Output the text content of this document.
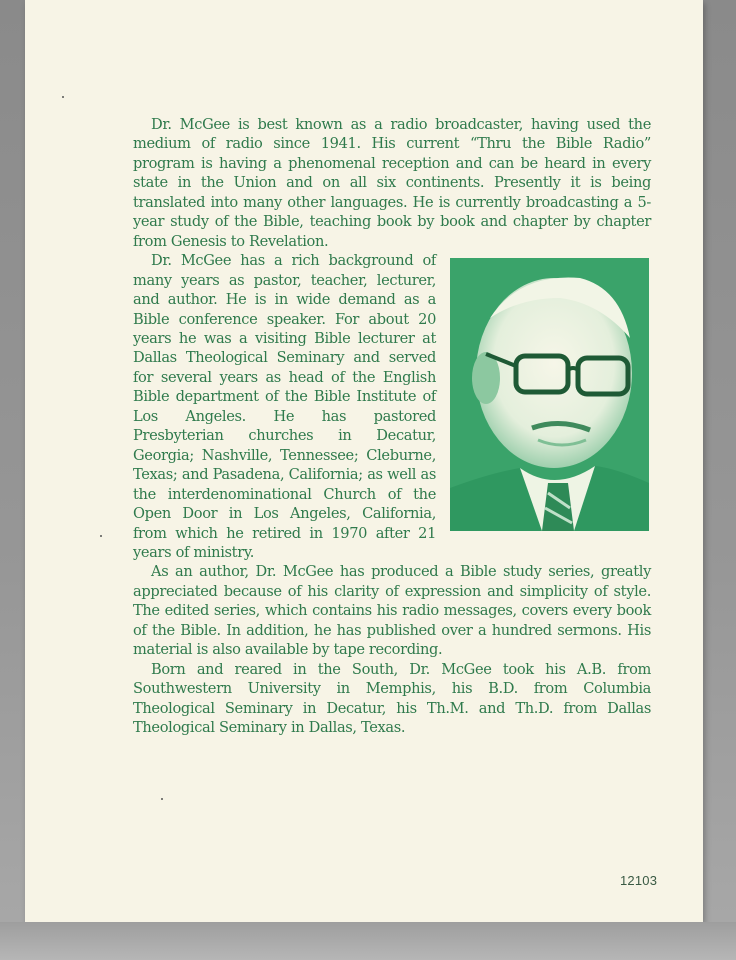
Dr. McGee is best known as a radio broadcaster, having used the medium of radio since 1941. His current “Thru the Bible Radio” program is having a phenomenal reception and can be heard in every state in the Union and on all six continents. Presently it is being translated into many other languages. He is currently broadcasting a 5-year study of the Bible, teaching book by book and chapter by chapter from Genesis to Revelation.

Dr. McGee has a rich background of many years as pastor, teacher, lecturer, and author. He is in wide demand as a Bible conference speaker. For about 20 years he was a visiting Bible lecturer at Dallas Theological Seminary and served for several years as head of the English Bible department of the Bible Institute of Los Angeles. He has pastored Presbyterian churches in Decatur, Georgia; Nashville, Tennessee; Cleburne, Texas; and Pasadena, California; as well as the interdenominational Church of the Open Door in Los Angeles, California, from which he retired in 1970 after 21 years of ministry.

As an author, Dr. McGee has produced a Bible study series, greatly appreciated because of his clarity of expression and simplicity of style. The edited series, which contains his radio messages, covers every book of the Bible. In addition, he has published over a hundred sermons. His material is also available by tape recording.

Born and reared in the South, Dr. McGee took his A.B. from Southwestern University in Memphis, his B.D. from Columbia Theological Seminary in Decatur, his Th.M. and Th.D. from Dallas Theological Seminary in Dallas, Texas.

12103
